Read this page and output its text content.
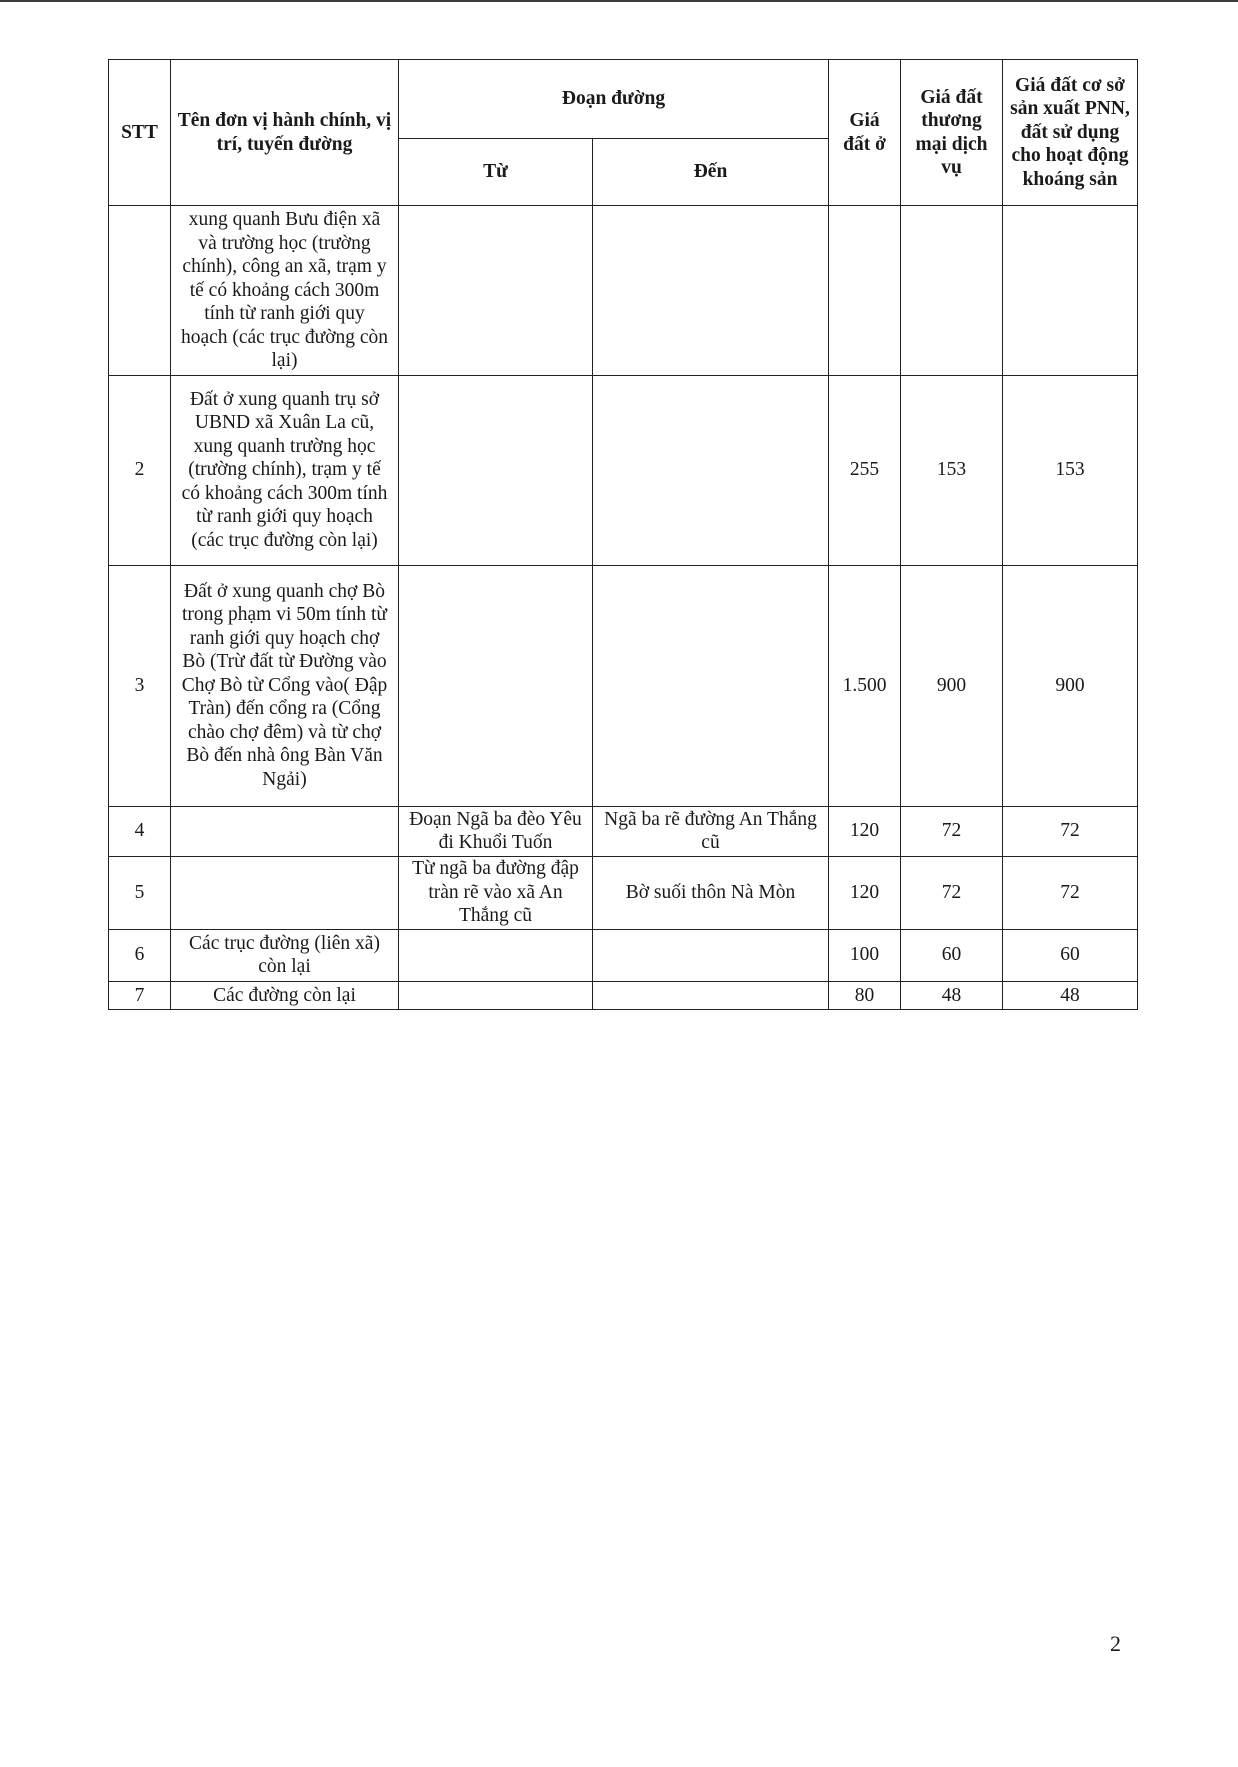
STT	Tên đơn vị hành chính, vị trí, tuyến đường	Đoạn đường		Giá đất ở	Giá đất thương mại dịch vụ	Giá đất cơ sở sản xuất PNN, đất sử dụng cho hoạt động khoáng sản
		Từ	Đến			
	xung quanh Bưu điện xã và trường học (trường chính), công an xã, trạm y tế có khoảng cách 300m tính từ ranh giới quy hoạch (các trục đường còn lại)					
2	Đất ở xung quanh trụ sở UBND xã Xuân La cũ, xung quanh trường học (trường chính), trạm y tế có khoảng cách 300m tính từ ranh giới quy hoạch (các trục đường còn lại)			255	153	153
3	Đất ở xung quanh chợ Bò trong phạm vi 50m tính từ ranh giới quy hoạch chợ Bò (Trừ đất từ Đường vào Chợ Bò từ Cổng vào( Đập Tràn) đến cổng ra (Cổng chào chợ đêm) và từ chợ Bò đến nhà ông Bàn Văn Ngải)			1.500	900	900
4		Đoạn Ngã ba đèo Yêu đi Khuổi Tuốn	Ngã ba rẽ đường An Thắng cũ	120	72	72
5		Từ ngã ba đường đập tràn rẽ vào xã An Thắng cũ	Bờ suối thôn Nà Mòn	120	72	72
6	Các trục đường (liên xã) còn lại			100	60	60
7	Các đường còn lại			80	48	48
2
